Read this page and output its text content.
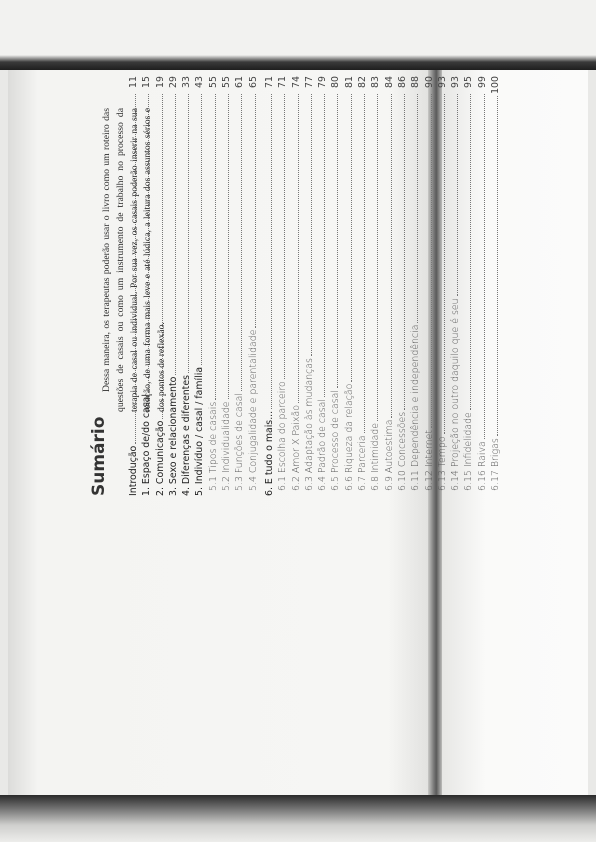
Sumário Introdução
11
1. Espaço de/do casal
15
2. Comunicação
19
3. Sexo e relacionamento
29
4. Diferenças e diferentes
33
5. Indivíduo / casal / família
43
5.1 Tipos de casais
55
5.2 Individualidade
55
5.3 Funções de casal
61
5.4 Conjugalidade e parentalidade
65
6. E tudo o mais...
71
6.1 Escolha do parceiro
71
6.2 Amor X Paixão
74
6.3 Adaptação às mudanças
77
6.4 Padrão de casal
79
6.5 Processo de casal
80
6.6 Riqueza da relação
81
6.7 Parceria
82
6.8 Intimidade
83
6.9 Autoestima
84
6.10 Concessões
86
6.11 Dependência e independência
88
6.12 Internet
90
6.13 Tempo
93
6.14 Projeção no outro daquilo que é seu
93
6.15 Infidelidade
95
6.16 Raiva
99
6.17 Brigas
100

Dessa maneira, os terapeutas poderão usar o livro como um roteiro das questões de casais ou como um instrumento de trabalho no processo da terapia de casal ou individual. Por sua vez, os casais poderão inserir na sua relação, de uma forma mais leve e até lúdica, a leitura dos assuntos sérios e dos pontos de reflexão.
